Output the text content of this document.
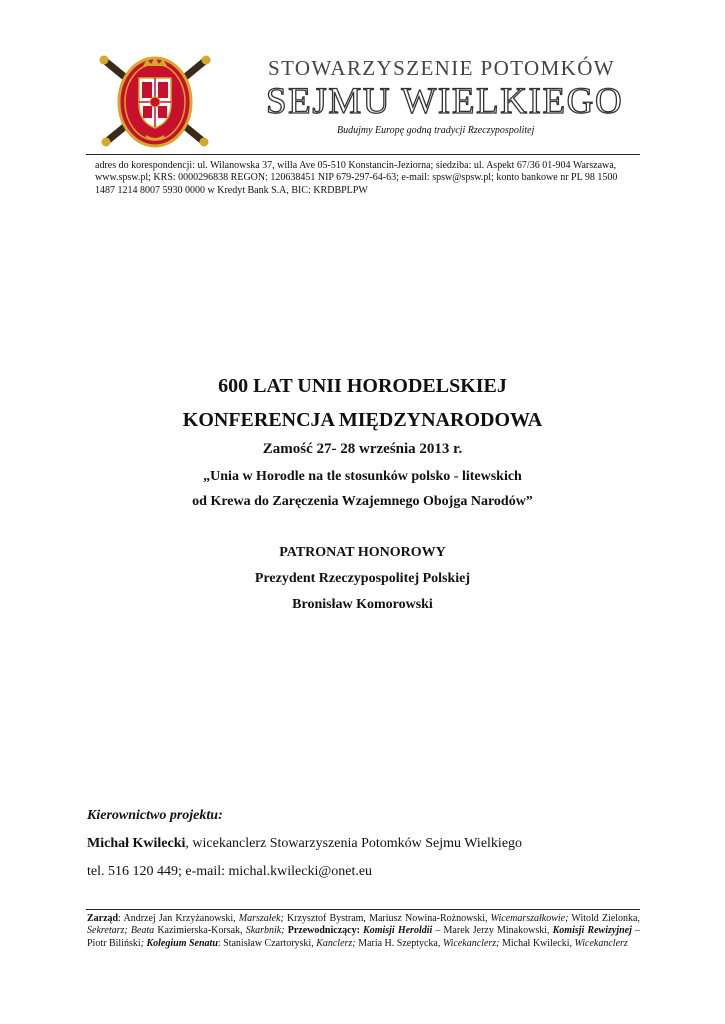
STOWARZYSZENIE POTOMKÓW
SEJMU WIELKIEGO
Budujmy Europę godną tradycji Rzeczypospolitej
adres do korespondencji: ul. Wilanowska 37, willa Ave 05-510 Konstancin-Jeziorna; siedziba: ul. Aspekt 67/36 01-904 Warszawa,
www.spsw.pl; KRS: 0000296838 REGON: 120638451 NIP 679-297-64-63; e-mail: spsw@spsw.pl; konto bankowe nr PL 98 1500
1487 1214 8007 5930 0000 w Kredyt Bank S.A, BIC: KRDBPLPW
600 LAT UNII HORODELSKIEJ
KONFERENCJA MIĘDZYNARODOWA
Zamość 27- 28 września 2013 r.
„Unia w Horodle na tle stosunków polsko - litewskich
od Krewa do Zaręczenia Wzajemnego Obojga Narodów”
PATRONAT HONOROWY
Prezydent Rzeczypospolitej Polskiej
Bronisław Komorowski
Kierownictwo projektu:
Michał Kwilecki, wicekanclerz Stowarzyszenia Potomków Sejmu Wielkiego
tel. 516 120 449; e-mail: michal.kwilecki@onet.eu
Zarząd: Andrzej Jan Krzyżanowski, Marszałek; Krzysztof Bystram, Mariusz Nowina-Rożnowski, Wicemarszałkowie; Witold Zielonka, Sekretarz; Beata Kazimierska-Korsak, Skarbnik; Przewodniczący: Komisji Heroldii – Marek Jerzy Minakowski, Komisji Rewizyjnej – Piotr Biliński; Kolegium Senatu: Stanisław Czartoryski, Kanclerz; Maria H. Szeptycka, Wicekanclerz; Michał Kwilecki, Wicekanclerz
